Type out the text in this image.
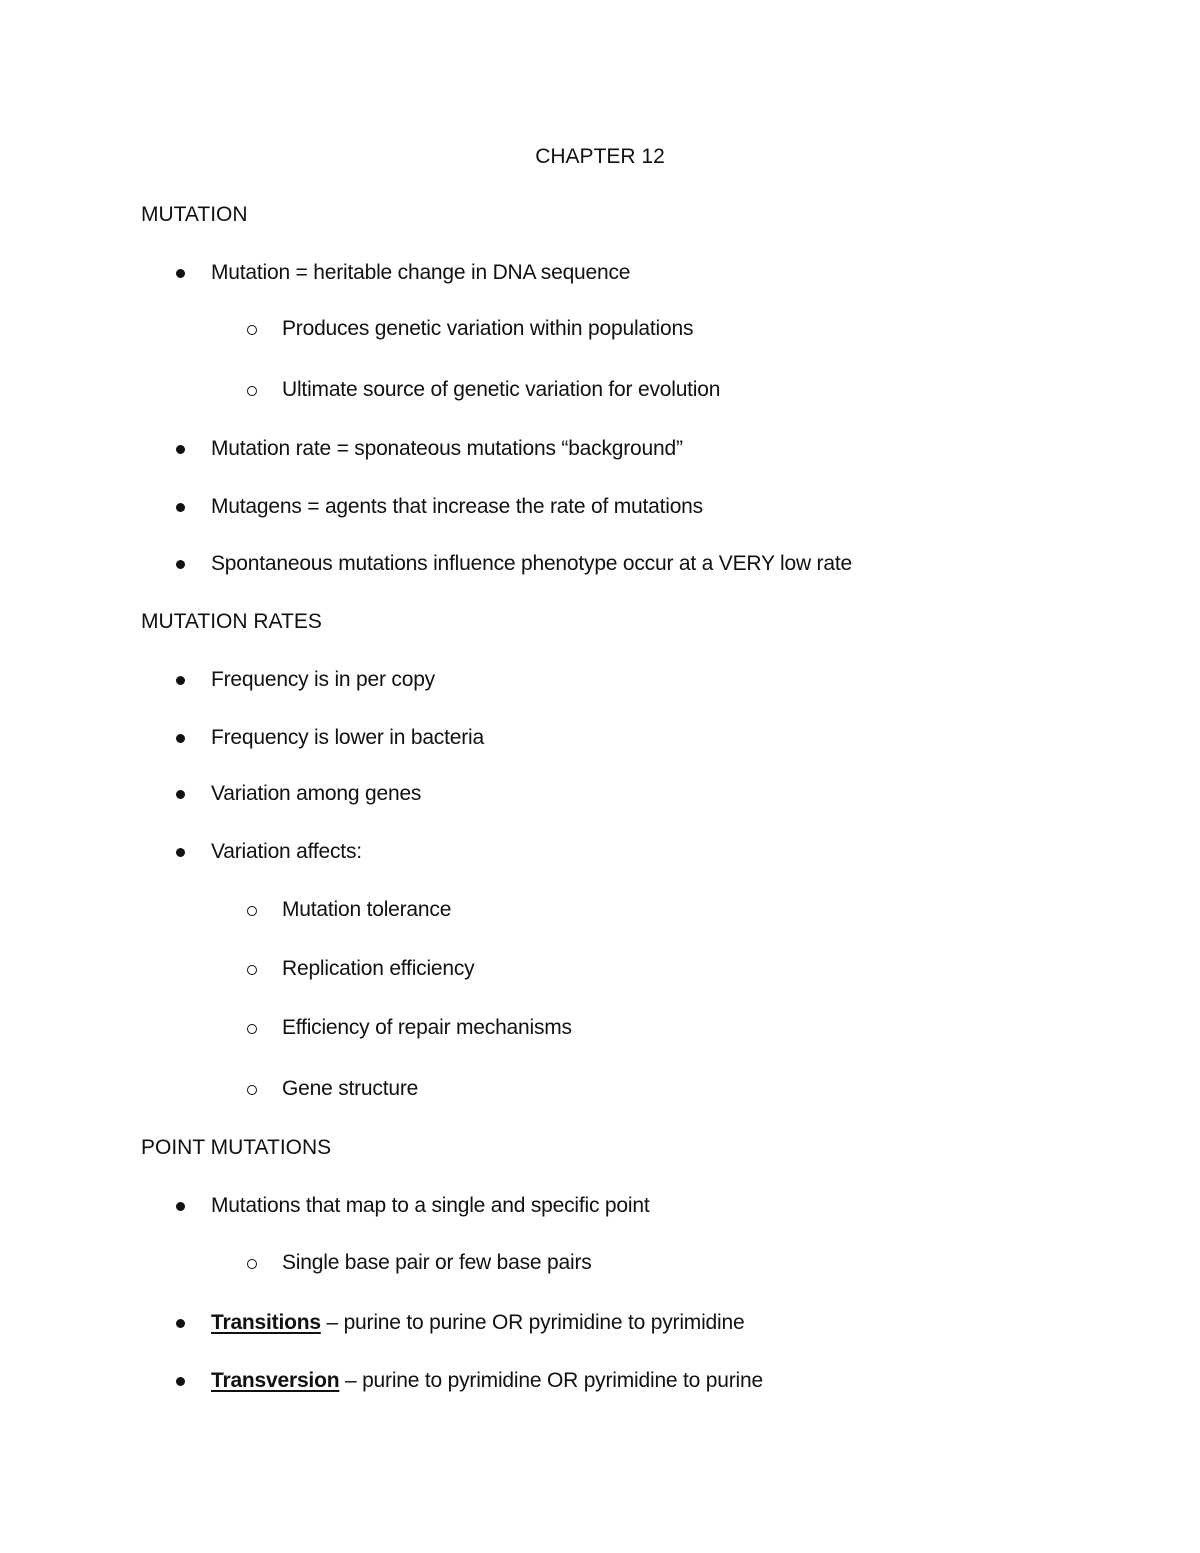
CHAPTER 12
MUTATION
Mutation = heritable change in DNA sequence
Produces genetic variation within populations
Ultimate source of genetic variation for evolution
Mutation rate = sponateous mutations “background”
Mutagens = agents that increase the rate of mutations
Spontaneous mutations influence phenotype occur at a VERY low rate
MUTATION RATES
Frequency is in per copy
Frequency is lower in bacteria
Variation among genes
Variation affects:
Mutation tolerance
Replication efficiency
Efficiency of repair mechanisms
Gene structure
POINT MUTATIONS
Mutations that map to a single and specific point
Single base pair or few base pairs
Transitions – purine to purine OR pyrimidine to pyrimidine
Transversion – purine to pyrimidine OR pyrimidine to purine
